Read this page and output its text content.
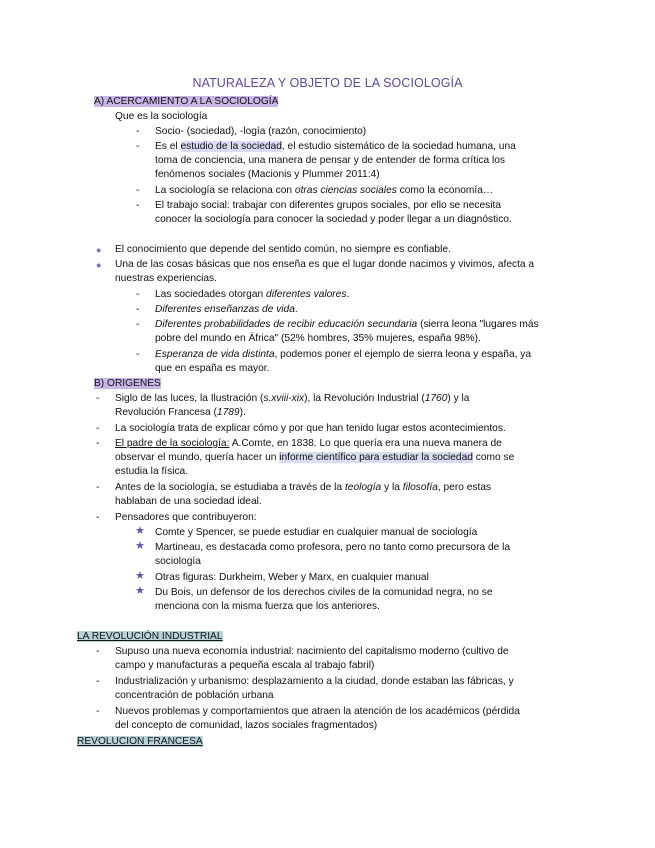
NATURALEZA Y OBJETO DE LA SOCIOLOGÍA
A) ACERCAMIENTO A LA SOCIOLOGÍA
Que es la sociología
-	Socio- (sociedad), -logía (razón, conocimiento)
-	Es el estudio de la sociedad, el estudio sistemático de la sociedad humana, una
toma de conciencia, una manera de pensar y de entender de forma crítica los
fenómenos sociales (Macionis y Plummer 2011:4)
-	La sociología se relaciona con otras ciencias sociales como la economía…
-	El trabajo social: trabajar con diferentes grupos sociales, por ello se necesita
conocer la sociología para conocer la sociedad y poder llegar a un diagnóstico.
● El conocimiento que depende del sentido común, no siempre es confiable.
● Una de las cosas básicas que nos enseña es que el lugar donde nacimos y vivimos, afecta a
nuestras experiencias.
-	Las sociedades otorgan diferentes valores.
-	Diferentes enseñanzas de vida.
-	Diferentes probabilidades de recibir educación secundaria (sierra leona "lugares más
pobre del mundo en África" (52% hombres, 35% mujeres, españa 98%).
-	Esperanza de vida distinta, podemos poner el ejemplo de sierra leona y españa, ya
que en españa es mayor.
B) ORIGENES
-	Siglo de las luces, la Ilustración (s.xviii-xix), la Revolución Industrial (1760) y la
Revolución Francesa (1789).
-	La sociología trata de explicar cómo y por que han tenido lugar estos acontecimientos.
-	El padre de la sociología: A.Comte, en 1838. Lo que quería era una nueva manera de
observar el mundo, quería hacer un informe científico para estudiar la sociedad como se
estudia la física.
-	Antes de la sociología, se estudiaba a través de la teología y la filosofía, pero estas
hablaban de una sociedad ideal.
-	Pensadores que contribuyeron:
★ Comte y Spencer, se puede estudiar en cualquier manual de sociología
★ Martineau, es destacada como profesora, pero no tanto como precursora de la
sociología
★ Otras figuras: Durkheim, Weber y Marx, en cualquier manual
★ Du Bois, un defensor de los derechos civiles de la comunidad negra, no se
menciona con la misma fuerza que los anteriores.
LA REVOLUCIÓN INDUSTRIAL
-	Supuso una nueva economía industrial: nacimiento del capitalismo moderno (cultivo de
campo y manufacturas a pequeña escala al trabajo fabril)
-	Industrialización y urbanismo: desplazamiento a la ciudad, donde estaban las fábricas, y
concentración de población urbana
-	Nuevos problemas y comportamientos que atraen la atención de los académicos (pérdida
del concepto de comunidad, lazos sociales fragmentados)
REVOLUCION FRANCESA
